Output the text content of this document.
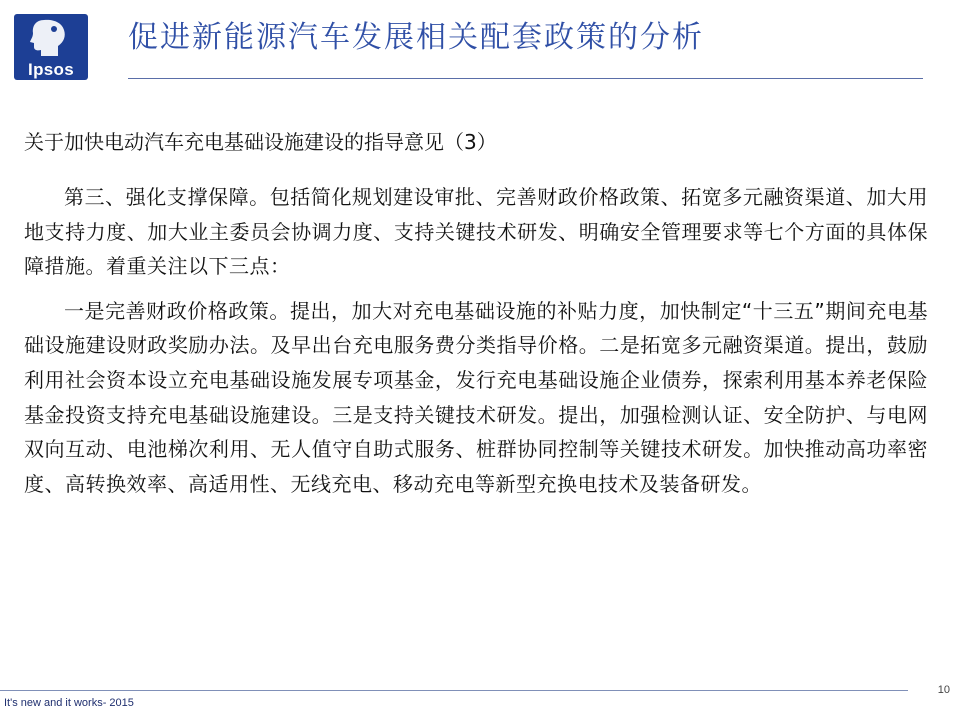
Ipsos
促进新能源汽车发展相关配套政策的分析
关于加快电动汽车充电基础设施建设的指导意见（3）

第三、强化支撑保障。包括简化规划建设审批、完善财政价格政策、拓宽多元融资渠道、加大用地支持力度、加大业主委员会协调力度、支持关键技术研发、明确安全管理要求等七个方面的具体保障措施。着重关注以下三点：

一是完善财政价格政策。提出，加大对充电基础设施的补贴力度，加快制定“十三五”期间充电基础设施建设财政奖励办法。及早出台充电服务费分类指导价格。二是拓宽多元融资渠道。提出，鼓励利用社会资本设立充电基础设施发展专项基金，发行充电基础设施企业债券，探索利用基本养老保险基金投资支持充电基础设施建设。三是支持关键技术研发。提出，加强检测认证、安全防护、与电网双向互动、电池梯次利用、无人值守自助式服务、桩群协同控制等关键技术研发。加快推动高功率密度、高转换效率、高适用性、无线充电、移动充电等新型充换电技术及装备研发。

It's new and it works- 2015
10
